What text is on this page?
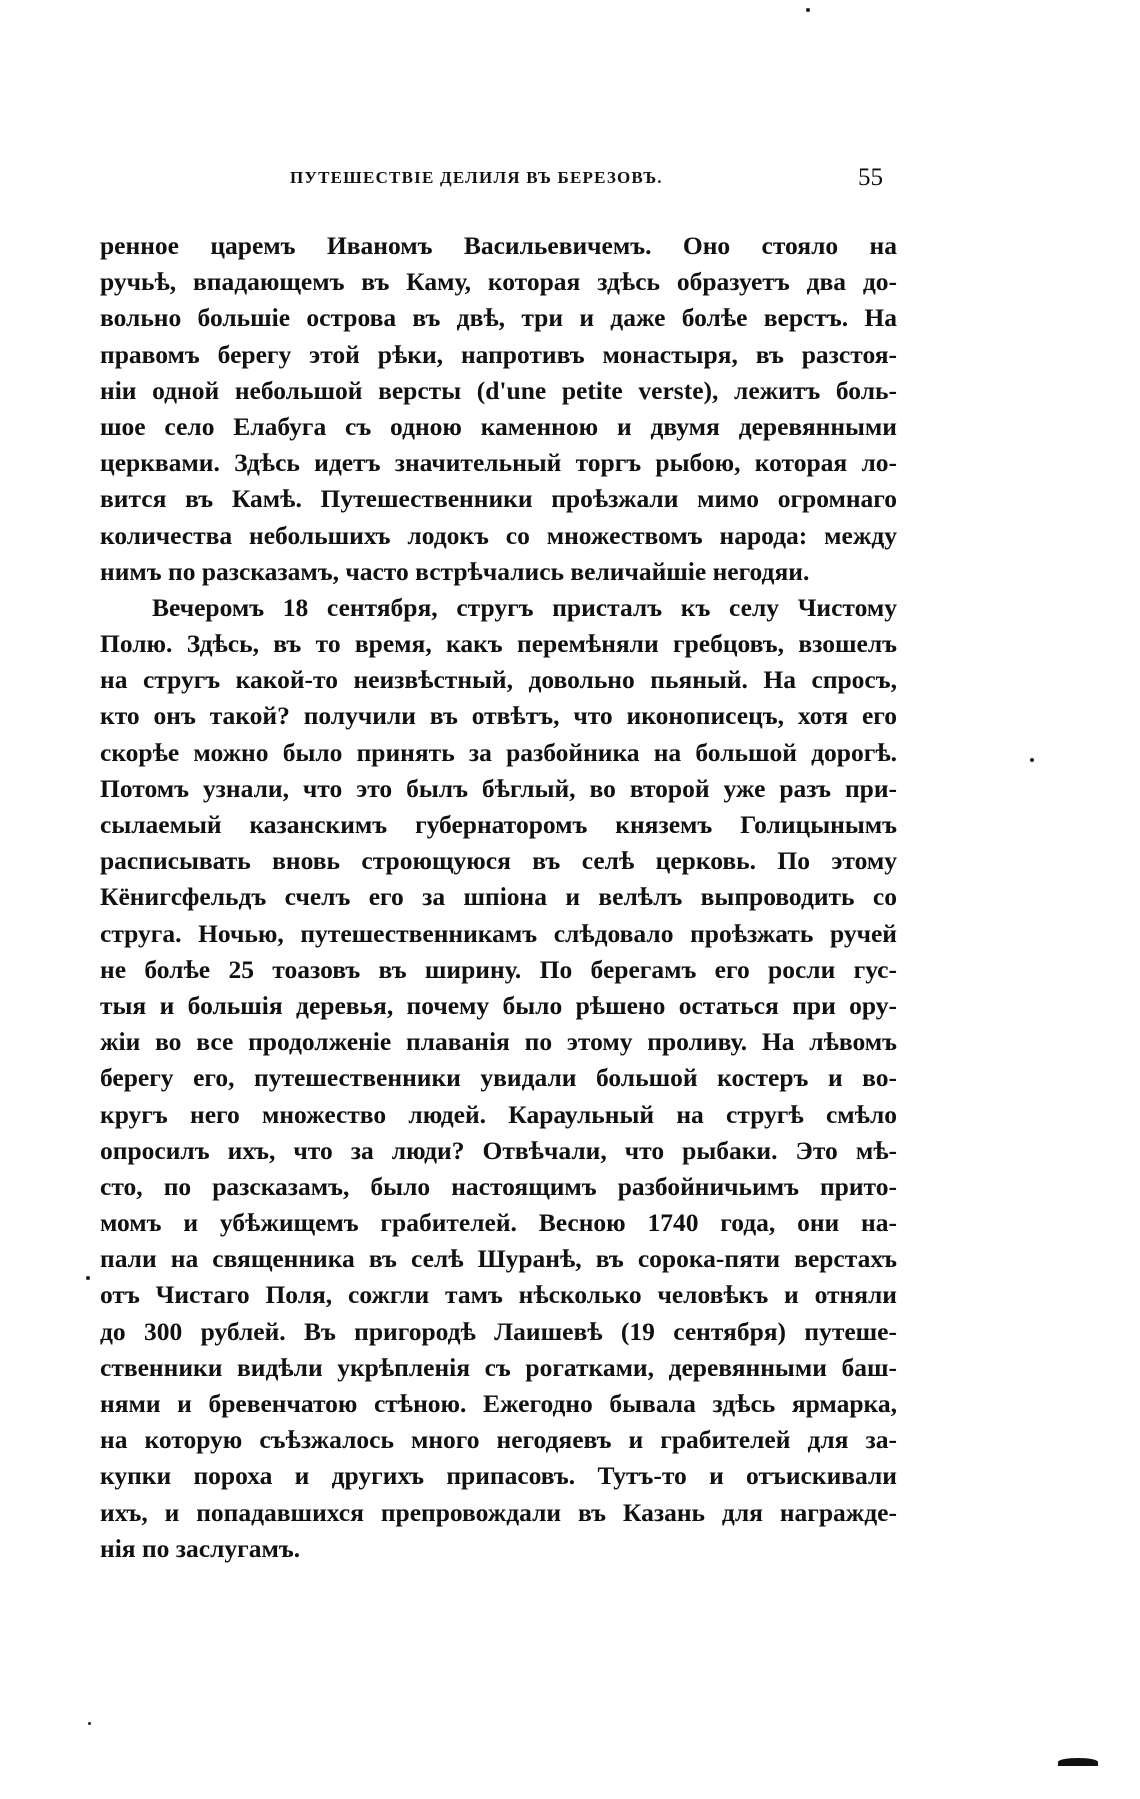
ПУТЕШЕСТВІЕ ДЕЛИЛЯ ВЪ БЕРЕЗОВЪ.	55
ренное царемъ Иваномъ Васильевичемъ. Оно стояло на
ручьѣ, впадающемъ въ Каму, которая здѣсь образуетъ два до-
вольно большіе острова въ двѣ, три и даже болѣе верстъ. На
правомъ берегу этой рѣки, напротивъ монастыря, въ разстоя-
ніи одной небольшой версты (d'une petite verste), лежитъ боль-
шое село Елабуга съ одною каменною и двумя деревянными
церквами. Здѣсь идетъ значительный торгъ рыбою, которая ло-
вится въ Камѣ. Путешественники проѣзжали мимо огромнаго
количества небольшихъ лодокъ со множествомъ народа: между
нимъ по разсказамъ, часто встрѣчались величайшіе негодяи.
Вечеромъ 18 сентября, стругъ присталъ къ селу Чистому
Полю. Здѣсь, въ то время, какъ перемѣняли гребцовъ, взошелъ
на стругъ какой-то неизвѣстный, довольно пьяный. На спросъ,
кто онъ такой? получили въ отвѣтъ, что иконописецъ, хотя его
скорѣе можно было принять за разбойника на большой дорогѣ.
Потомъ узнали, что это былъ бѣглый, во второй уже разъ при-
сылаемый казанскимъ губернаторомъ княземъ Голицынымъ
расписывать вновь строющуюся въ селѣ церковь. По этому
Кёнигсфельдъ счелъ его за шпіона и велѣлъ выпроводить со
струга. Ночью, путешественникамъ слѣдовало проѣзжать ручей
не болѣе 25 тоазовъ въ ширину. По берегамъ его росли гус-
тыя и большія деревья, почему было рѣшено остаться при ору-
жіи во все продолженіе плаванія по этому проливу. На лѣвомъ
берегу его, путешественники увидали большой костеръ и во-
кругъ него множество людей. Караульный на стругѣ смѣло
опросилъ ихъ, что за люди? Отвѣчали, что рыбаки. Это мѣ-
сто, по разсказамъ, было настоящимъ разбойничьимъ прито-
момъ и убѣжищемъ грабителей. Весною 1740 года, они на-
пали на священника въ селѣ Шуранѣ, въ сорока-пяти верстахъ
отъ Чистаго Поля, сожгли тамъ нѣсколько человѣкъ и отняли
до 300 рублей. Въ пригородѣ Лаишевѣ (19 сентября) путеше-
ственники видѣли укрѣпленія съ рогатками, деревянными баш-
нями и бревенчатою стѣною. Ежегодно бывала здѣсь ярмарка,
на которую съѣзжалось много негодяевъ и грабителей для за-
купки пороха и другихъ припасовъ. Тутъ-то и отъискивали
ихъ, и попадавшихся препровождали въ Казань для награжде-
нія по заслугамъ.
